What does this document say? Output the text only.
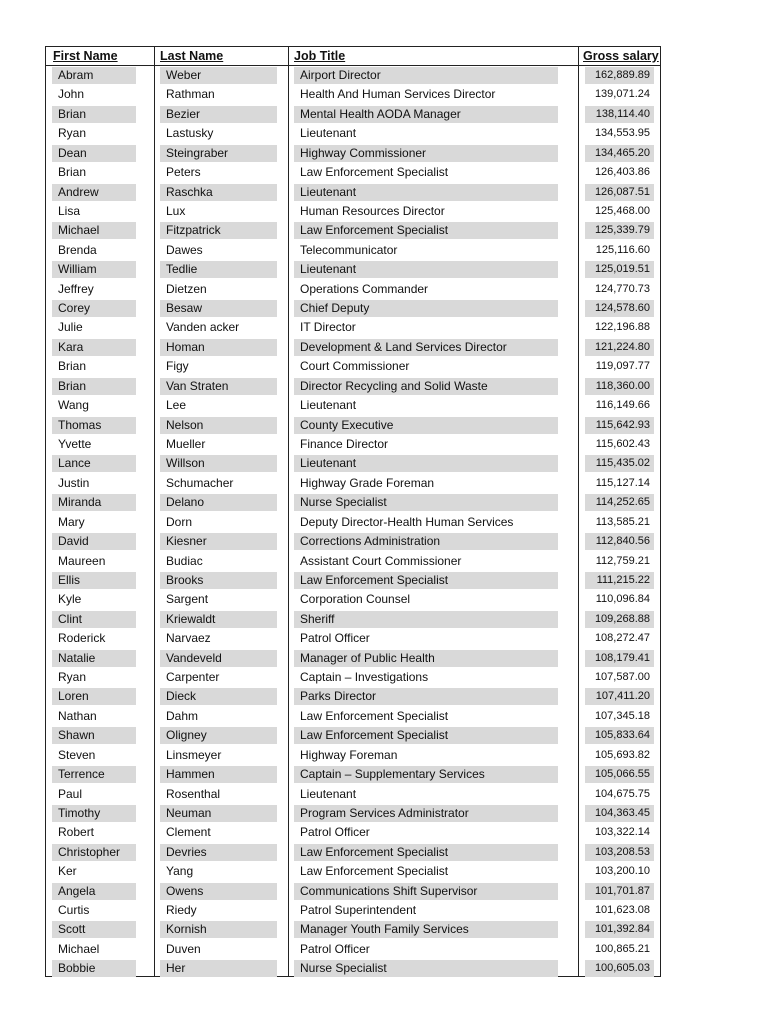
First Name	Last Name	Job Title	Gross salary
Abram	Weber	Airport Director	162,889.89
John	Rathman	Health And Human Services Director	139,071.24
Brian	Bezier	Mental Health AODA Manager	138,114.40
Ryan	Lastusky	Lieutenant	134,553.95
Dean	Steingraber	Highway Commissioner	134,465.20
Brian	Peters	Law Enforcement Specialist	126,403.86
Andrew	Raschka	Lieutenant	126,087.51
Lisa	Lux	Human Resources Director	125,468.00
Michael	Fitzpatrick	Law Enforcement Specialist	125,339.79
Brenda	Dawes	Telecommunicator	125,116.60
William	Tedlie	Lieutenant	125,019.51
Jeffrey	Dietzen	Operations Commander	124,770.73
Corey	Besaw	Chief Deputy	124,578.60
Julie	Vanden acker	IT Director	122,196.88
Kara	Homan	Development & Land Services Director	121,224.80
Brian	Figy	Court Commissioner	119,097.77
Brian	Van Straten	Director Recycling and Solid Waste	118,360.00
Wang	Lee	Lieutenant	116,149.66
Thomas	Nelson	County Executive	115,642.93
Yvette	Mueller	Finance Director	115,602.43
Lance	Willson	Lieutenant	115,435.02
Justin	Schumacher	Highway Grade Foreman	115,127.14
Miranda	Delano	Nurse Specialist	114,252.65
Mary	Dorn	Deputy Director-Health Human Services	113,585.21
David	Kiesner	Corrections Administration	112,840.56
Maureen	Budiac	Assistant Court Commissioner	112,759.21
Ellis	Brooks	Law Enforcement Specialist	111,215.22
Kyle	Sargent	Corporation Counsel	110,096.84
Clint	Kriewaldt	Sheriff	109,268.88
Roderick	Narvaez	Patrol Officer	108,272.47
Natalie	Vandeveld	Manager of Public Health	108,179.41
Ryan	Carpenter	Captain – Investigations	107,587.00
Loren	Dieck	Parks Director	107,411.20
Nathan	Dahm	Law Enforcement Specialist	107,345.18
Shawn	Oligney	Law Enforcement Specialist	105,833.64
Steven	Linsmeyer	Highway Foreman	105,693.82
Terrence	Hammen	Captain – Supplementary Services	105,066.55
Paul	Rosenthal	Lieutenant	104,675.75
Timothy	Neuman	Program Services Administrator	104,363.45
Robert	Clement	Patrol Officer	103,322.14
Christopher	Devries	Law Enforcement Specialist	103,208.53
Ker	Yang	Law Enforcement Specialist	103,200.10
Angela	Owens	Communications Shift Supervisor	101,701.87
Curtis	Riedy	Patrol Superintendent	101,623.08
Scott	Kornish	Manager Youth Family Services	101,392.84
Michael	Duven	Patrol Officer	100,865.21
Bobbie	Her	Nurse Specialist	100,605.03
